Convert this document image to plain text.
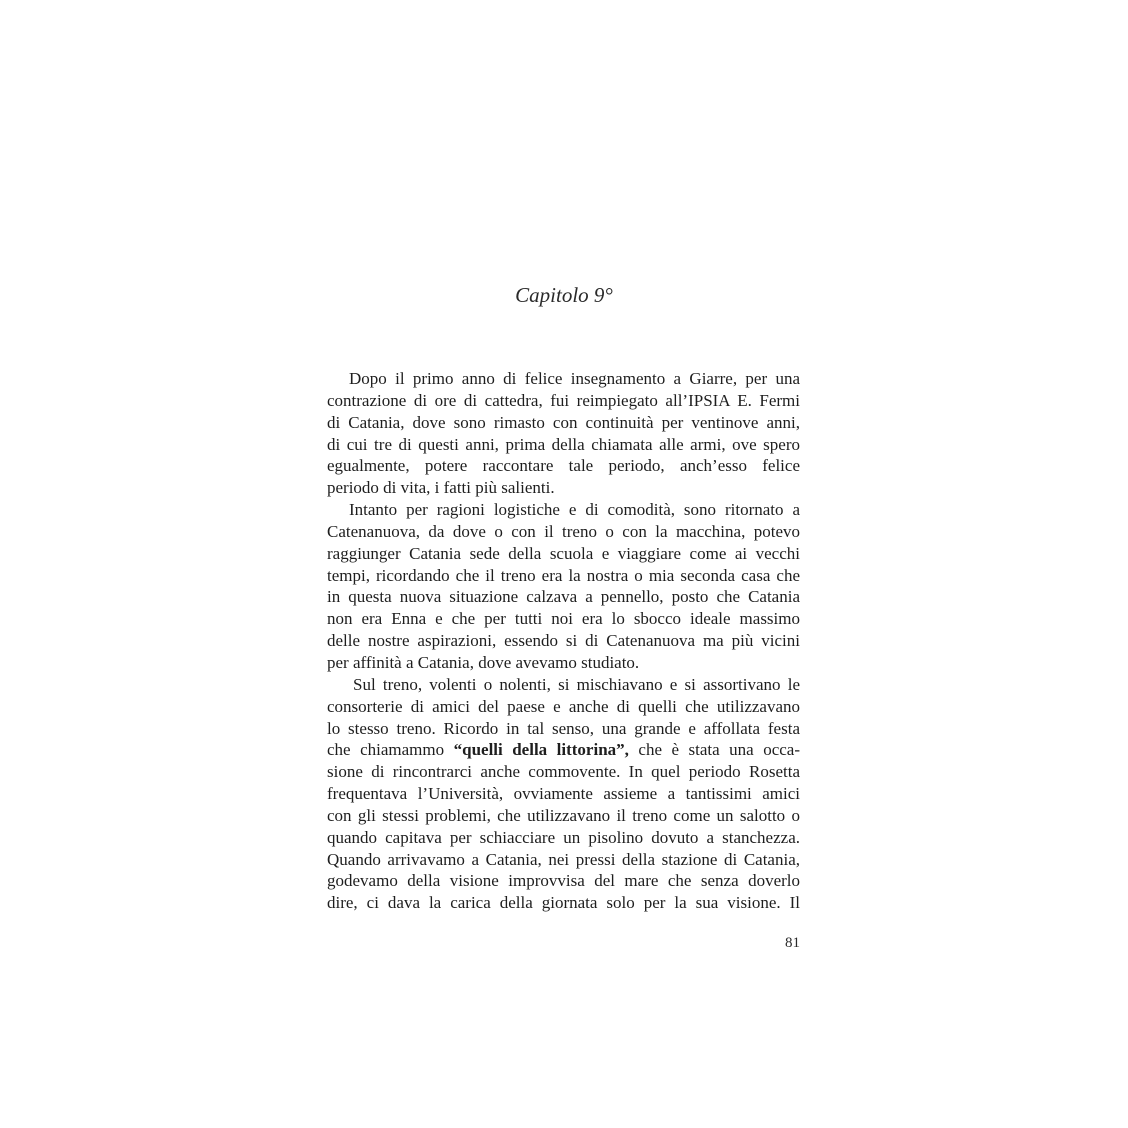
Capitolo 9°
Dopo il primo anno di felice insegnamento a Giarre, per una
contrazione di ore di cattedra, fui reimpiegato all’IPSIA E. Fermi
di Catania, dove sono rimasto con continuità per ventinove anni,
di cui tre di questi anni, prima della chiamata alle armi, ove spero
egualmente, potere raccontare tale periodo, anch’esso felice
periodo di vita, i fatti più salienti.
Intanto per ragioni logistiche e di comodità, sono ritornato a
Catenanuova, da dove o con il treno o con la macchina, potevo
raggiunger Catania sede della scuola e viaggiare come ai vecchi
tempi, ricordando che il treno era la nostra o mia seconda casa che
in questa nuova situazione calzava a pennello, posto che Catania
non era Enna e che per tutti noi era lo sbocco ideale massimo
delle nostre aspirazioni, essendo si di Catenanuova ma più vicini
per affinità a Catania, dove avevamo studiato.
Sul treno, volenti o nolenti, si mischiavano e si assortivano le
consorterie di amici del paese e anche di quelli che utilizzavano
lo stesso treno. Ricordo in tal senso, una grande e affollata festa
che chiamammo “quelli della littorina”, che è stata una occa-
sione di rincontrarci anche commovente. In quel periodo Rosetta
frequentava l’Università, ovviamente assieme a tantissimi amici
con gli stessi problemi, che utilizzavano il treno come un salotto o
quando capitava per schiacciare un pisolino dovuto a stanchezza.
Quando arrivavamo a Catania, nei pressi della stazione di Catania,
godevamo della visione improvvisa del mare che senza doverlo
dire, ci dava la carica della giornata solo per la sua visione. Il
81
